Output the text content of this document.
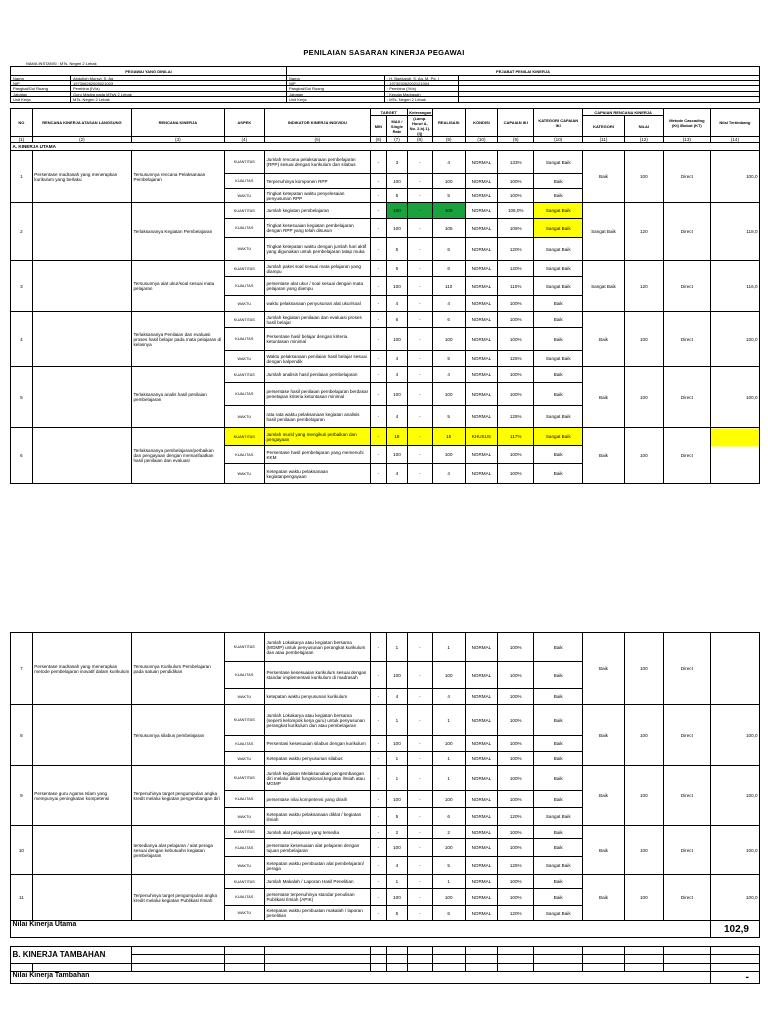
PENILAIAN SASARAN KINERJA PEGAWAI
NAMA INSTANSI : MTs. Negeri 2 Lebak
PEGAWAI YANG DINILAI	PEJABAT PENILAI KINERJA
Nama	Abdulloh Mursyi, S. Ag	Nama	: H. Baekandi, S. Ag, M. Pd. I
NIP	197306262005021003	NIP	: 197303062002121004
Pangkat/Gol Ruang	Pembina (IV/a)	Pangkat/Gol Ruang	: Pembina (IV/a)
Jabatan	Guru Madya pada MTsN 2 Lebak	Jabatan	: Kepala Madrasah
Unit Kerja	MTs. Negeri 2 Lebak	Unit Kerja	: MTs. Negeri 2 Lebak
NO	RENCANA KINERJA ATASAN LANGSUNG	RENCANA KINERJA	ASPEK	INDIKATOR KINERJA INDIVIDU	TARGET		Keterangan	REALISASI	KONDISI	CAPAIAN IKI	KATEGORI CAPAIAN IKI	CAPAIAN RENCANA KINERJA		Metode Cascading (Kt) /Bobot (KT)	Nilai Tertimbang
					MIN	MAX / Single Rate	(Lamp. Huruf A, No. 2.b).1).(i))					KATEGORI	NILAI		

(1)	(2)	(3)	(4)	(5)	(6)	(7)	(8)	(9)	(10)	(9)	(10)	(11)	(12)	(13)	(14)
A. KINERJA UTAMA															
1	Persentase madrasah yang menerapkan kurikulum yang berlaku	Tersusunnya rencana Pelaksanaan Pembelajaran	KUANTITAS	Jumlah rencana pelaksanaan pembelajaran (RPP) sesuai dengan kurikulum dan silabus	-	3	-	4	NORMAL	133%	Sangat Baik	Baik	100	Direct	100,0
			KUALITAS	Terpenuhinya komponen RPP	-	100	-	100	NORMAL	100%	Baik				
			WAKTU	Tingkat ketepatan waktu penyelesaian penyusunan RPP	-	5	-	5	NORMAL	100%	Baik				
2		Terlaksananya Kegiatan Pembelajaran	KUANTITAS	Jumlah kegiatan pembelajaran	-	100	-	108	NORMAL	108,0%	Sangat Baik	Sangat Baik	120	Direct	118,0
			KUALITAS	Tingkat kesesuaian kegiatan pembelajaran dengan RPP yang telah disusun	-	100	-	105	NORMAL	105%	Sangat Baik				
			WAKTU	Tingkat ketepatan waktu dengan jumlah hari aktif yang digunakan untuk pembelajaran tatap muka	-	5	-	6	NORMAL	120%	Sangat Baik				
3		Tersusunnya alat ukur/soal sesuai mata pelajaran	KUANTITAS	Jumlah paket soal sesuai mata pelajaran yang diampu	-	5	-	6	NORMAL	120%	Sangat Baik	Sangat Baik	120	Direct	116,0
			KUALITAS	persentase alat ukur / soal sesuai dengan mata pelajaran yang diampu	-	100	-	110	NORMAL	110%	Sangat Baik				
			WAKTU	waktu pelaksanaan penyusunan alat ukur/soal	-	4	-	4	NORMAL	100%	Baik				
4		Terlaksananya Penilaian dan evaluasi proses hasil belajar pada mata pelajaran di kelasnya	KUANTITAS	Jumlah kegiatan penilaian dan evaluasi proses hasil belajar	-	6	-	6	NORMAL	100%	Baik	Baik	100	Direct	100,0
			KUALITAS	Persentase hasil belajar dengan kriteria ketuntasan minimal	-	100	-	100	NORMAL	100%	Baik				
			WAKTU	Waktu pelaksanaan penilaian hasil belajar sesuai dengan kalpendik	-	4	-	5	NORMAL	125%	Sangat Baik				
5		Terlaksananya analis hasil penilaian pembelajaran	KUANTITAS	Jumlah analisis hasil penilaian pembelajaran	-	4	-	4	NORMAL	100%	Baik	Baik	100	Direct	100,0
			KUALITAS	persentase hasil penilaian pembelajaran berdasar penetapan kriteria ketuntasan minimal	-	100	-	100	NORMAL	100%	Baik				
			WAKTU	rata rata waktu pelaksanaan kegiatan analisis hasil penilaian pembelajaran	-	4	-	5	NORMAL	125%	Sangat Baik				
6		Terlaksananya pembelajaran/perbaikan dan pengayaan dengan memanfaatkan hasil penilaian dan evaluasi	KUANTITAS	Jumlah murid yang mengikuti perbaikan dan pengayaan	-	18	-	15	KHUSUS	117%	Sangat Baik	Baik	100	Direct	
			KUALITAS	Persentase hasil pembelajaran yang memenuhi KKM	-	100	-	100	NORMAL	100%	Baik				
			WAKTU	Ketepatan waktu pelaksanaan kegiatanpengayaan	-	4	-	4	NORMAL	100%	Baik				
7	Persentase madrasah yang menerapkan metode pembelajaran inovatif dalam kurikulum	Tersusunnya Kurikulum Pembelajaran pada satuan pendidikan	KUANTITAS	Jumlah Lokakarya atau kegiatan bersama (MGMP) untuk penyusunan perangkat kurikulum dan atau pembelajaran	-	1	-	1	NORMAL	100%	Baik	Baik	100	Direct	
			KUALITAS	Persentase kesesuaian kurikulum sesuai dengan standar implementasi kurikulum di madrasah	-	100	-	100	NORMAL	100%	Baik				
			WAKTU	ketepatan waktu penyusunan kurikulum	-	4	-	4	NORMAL	100%	Baik				
8		Tersusunnya silabus pembelajaran	KUANTITAS	Jumlah Lokakarya atau kegiatan bersama (seperti kelompok kerja guru) untuk penyusunan perangkat kurikulum dan atau pembelajaran	-	1	-	1	NORMAL	100%	Baik	Baik	100	Direct	100,0
			KUALITAS	Persentasi kesesuaian silabus dengan kurikulum	-	100	-	100	NORMAL	100%	Baik				
			WAKTU	Ketepatan waktu penyusunan silabus	-	1	-	1	NORMAL	100%	Baik				
9	Persentase guru Agama Islam yang mempunyai peningkatan kompetensi	Terpenuhinya target pengumpulan angka kredit melalui kegiatan pengembangan diri	KUANTITAS	Jumlah kegiatan Melaksanakan pengembangan diri melalui diklat fungsional,kegiatan ilmiah atau MGMP	-	1	-	1	NORMAL	100%	Baik	Baik	100	Direct	100,0
			KUALITAS	persentase nilai kompetensi yang diraih	-	100	-	100	NORMAL	100%	Baik				
			WAKTU	Ketepatan waktu pelaksanaan diklat / kegiatan ilmiah	-	5	-	6	NORMAL	120%	Sangat Baik				
10		tersedianya alat pelajaran / alat peraga sesuai dengan kebutuahn kegiatan pembelajaran	KUANTITAS	Jumlah alat pelajaran yang tersedia	-	2	-	2	NORMAL	100%	Baik	Baik	100	Direct	100,0
			KUALITAS	persentase kesesuaian alat pelajaran dengan tujuan pembelajaran	-	100	-	100	NORMAL	100%	Baik				
			WAKTU	Ketepatan waktu pembuatan alat pembelajaran/ peraga	-	4	-	5	NORMAL	125%	Sangat Baik				
11		Terpenuhinya target pengumpulan angka kredit melalui kegiatan Publikasi Ilmiah	KUANTITAS	Jumlah Makalah / Laporan Hasil Penelitian	-	1	-	1	NORMAL	100%	Baik	Baik	100	Direct	100,0
			KUALITAS	persentase terpenuhinya standar penulisan Publikasi Ilmiah (APIK)	-	100	-	100	NORMAL	100%	Baik				
			WAKTU	Ketepatan waktu pembuatan makalah / laporan penelitian	-	5	-	6	NORMAL	120%	Sangat Baik				
Nilai Kinerja Utama															102,9

B. KINERJA TAMBAHAN															

Nilai Kinerja Tambahan															-
